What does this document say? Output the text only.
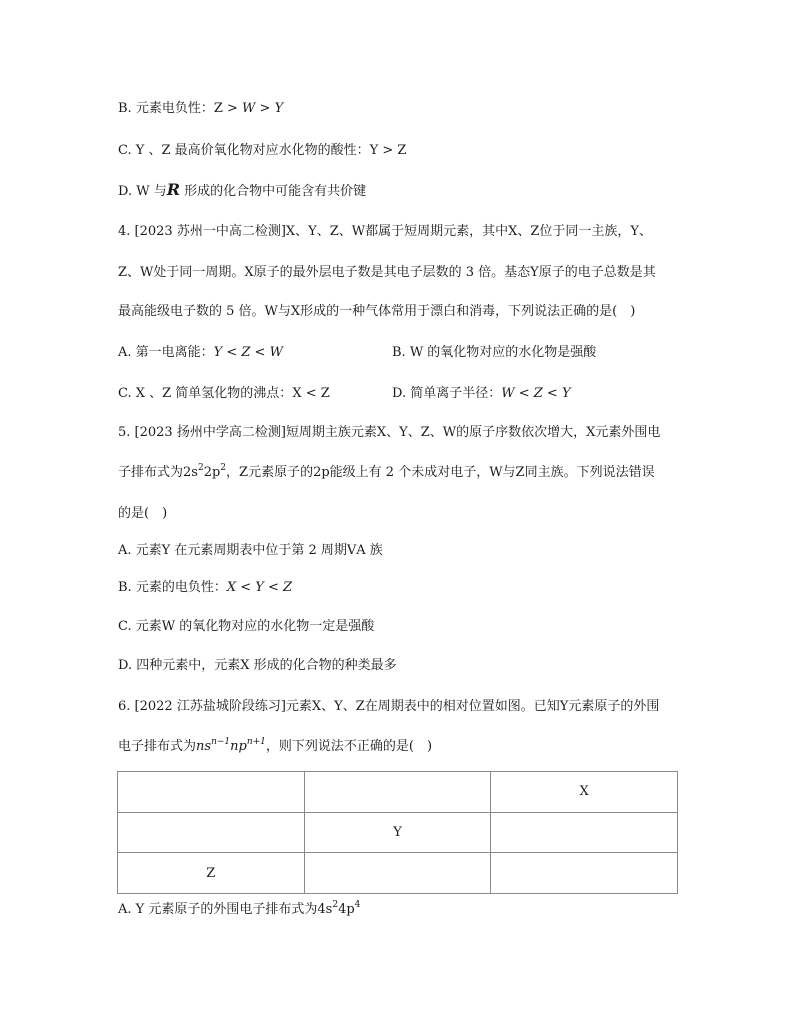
B. 元素电负性：Z > W > Y
C. Y 、Z 最高价氧化物对应水化物的酸性：Y > Z
D. W 与R 形成的化合物中可能含有共价键
4. [2023 苏州一中高二检测]X、Y、Z、W都属于短周期元素，其中X、Z位于同一主族，Y、
Z、W处于同一周期。X原子的最外层电子数是其电子层数的 3 倍。基态Y原子的电子总数是其
最高能级电子数的 5 倍。W与X形成的一种气体常用于漂白和消毒，下列说法正确的是(　)
A. 第一电离能：Y < Z < W	B. W 的氧化物对应的水化物是强酸
C. X 、Z 简单氢化物的沸点：X < Z	D. 简单离子半径：W < Z < Y
5. [2023 扬州中学高二检测]短周期主族元素X、Y、Z、W的原子序数依次增大，X元素外围电
子排布式为$2s^22p^2$，Z元素原子的2p能级上有 2 个未成对电子，W与Z同主族。下列说法错误
的是(　)
A. 元素Y 在元素周期表中位于第 2 周期ⅤA 族
B. 元素的电负性：X < Y < Z
C. 元素W 的氧化物对应的水化物一定是强酸
D. 四种元素中，元素X 形成的化合物的种类最多
6. [2022 江苏盐城阶段练习]元素X、Y、Z在周期表中的相对位置如图。已知Y元素原子的外围
电子排布式为$ns^{n-1}np^{n+1}$，则下列说法不正确的是(　)
		X
	Y	
Z		
A. Y 元素原子的外围电子排布式为$4s^24p^4$
